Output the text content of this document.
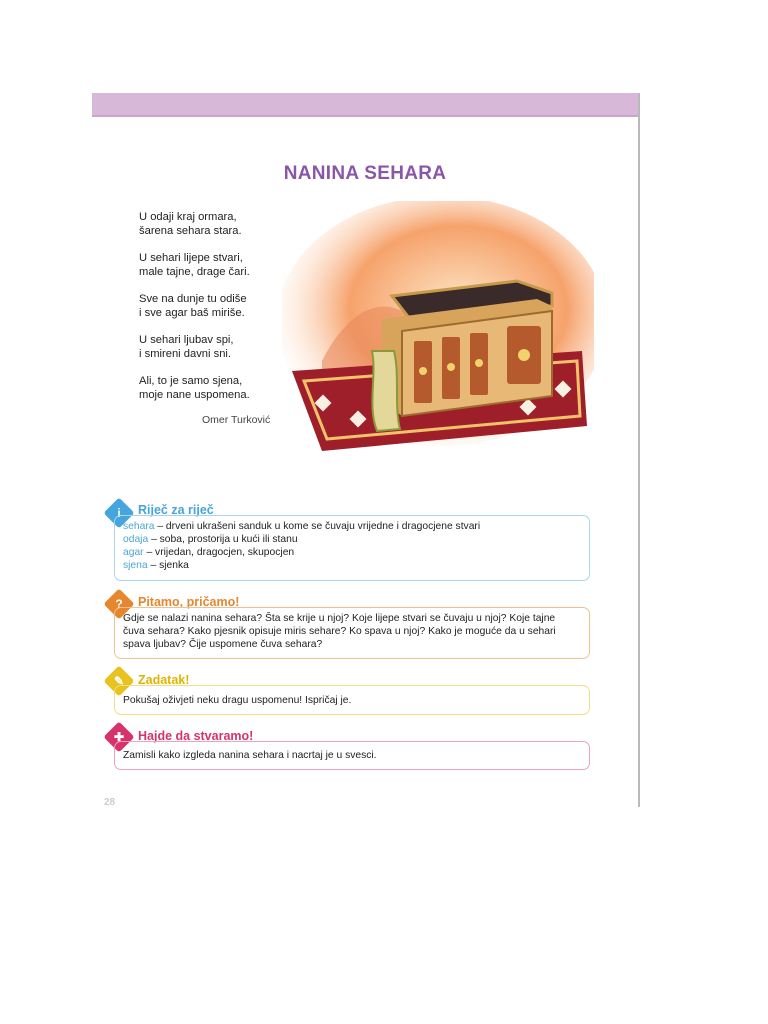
NANINA SEHARA
U odaji kraj ormara,
šarena sehara stara.
U sehari lijepe stvari,
male tajne, drage čari.
Sve na dunje tu odiše
i sve agar baš miriše.
U sehari ljubav spi,
i smireni davni sni.
Ali, to je samo sjena,
moje nane uspomena.
Omer Turković
i	Riječ za riječ
sehara – drveni ukrašeni sanduk u kome se čuvaju vrijedne i dragocjene stvari
odaja – soba, prostorija u kući ili stanu
agar – vrijedan, dragocjen, skupocjen
sjena – sjenka
?	Pitamo, pričamo!
Gdje se nalazi nanina sehara? Šta se krije u njoj? Koje lijepe stvari se čuvaju u njoj? Koje tajne
čuva sehara? Kako pjesnik opisuje miris sehare? Ko spava u njoj? Kako je moguće da u sehari
spava ljubav? Čije uspomene čuva sehara?
✎	Zadatak!
Pokušaj oživjeti neku dragu uspomenu! Ispričaj je.
✚	Hajde da stvaramo!
Zamisli kako izgleda nanina sehara i nacrtaj je u svesci.
28
